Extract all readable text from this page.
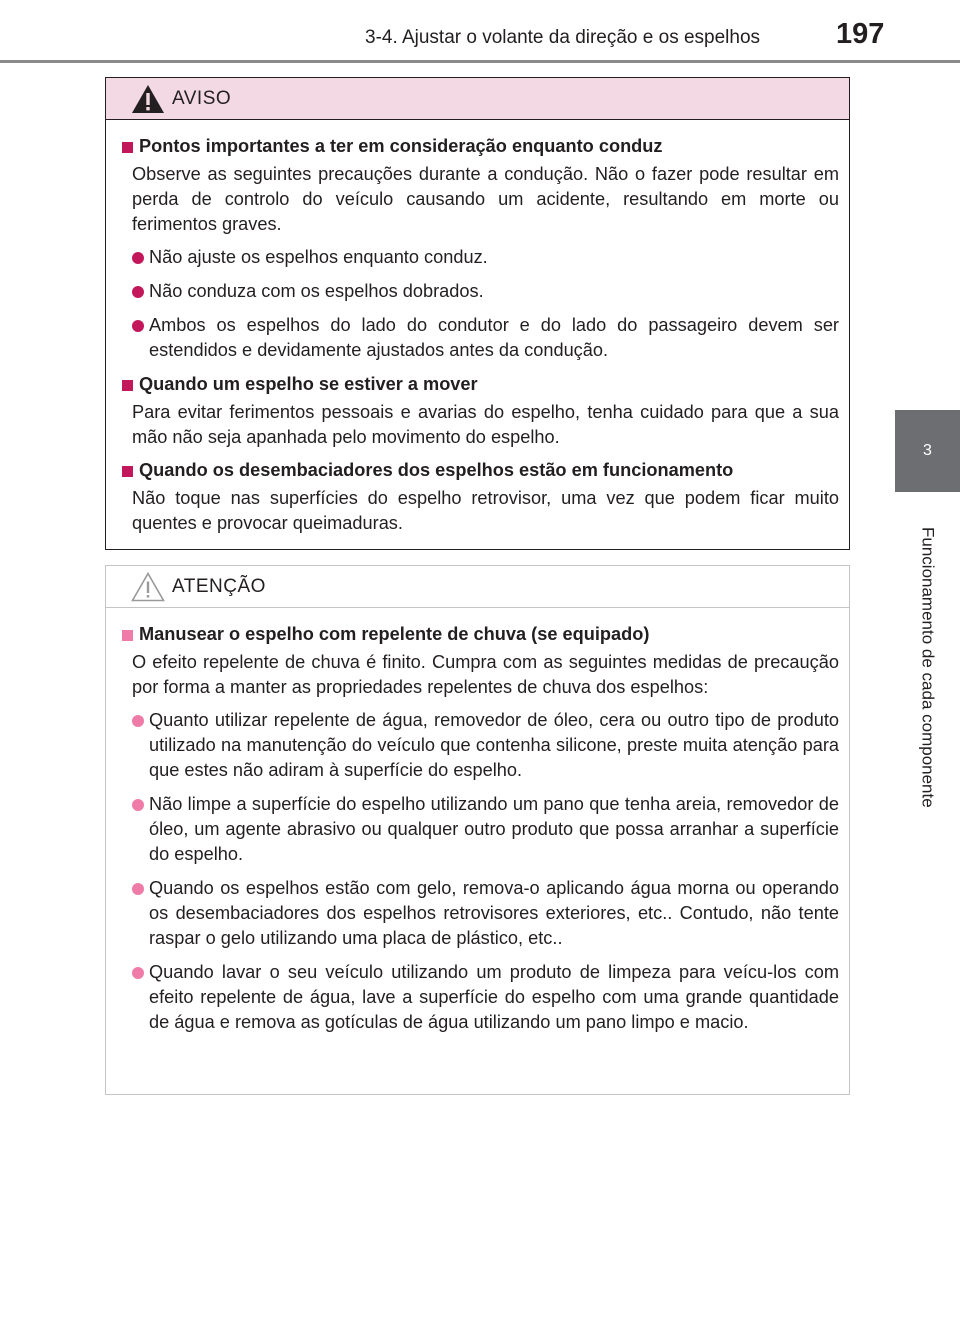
3-4. Ajustar o volante da direção e os espelhos	197
3
Funcionamento de cada componente
AVISO
Pontos importantes a ter em consideração enquanto conduz
Observe as seguintes precauções durante a condução. Não o fazer pode resultar em perda de controlo do veículo causando um acidente, resultando em morte ou ferimentos graves.
Não ajuste os espelhos enquanto conduz.
Não conduza com os espelhos dobrados.
Ambos os espelhos do lado do condutor e do lado do passageiro devem ser estendidos e devidamente ajustados antes da condução.
Quando um espelho se estiver a mover
Para evitar ferimentos pessoais e avarias do espelho, tenha cuidado para que a sua mão não seja apanhada pelo movimento do espelho.
Quando os desembaciadores dos espelhos estão em funcionamento
Não toque nas superfícies do espelho retrovisor, uma vez que podem ficar muito quentes e provocar queimaduras.
ATENÇÃO
Manusear o espelho com repelente de chuva (se equipado)
O efeito repelente de chuva é finito. Cumpra com as seguintes medidas de precaução por forma a manter as propriedades repelentes de chuva dos espelhos:
Quanto utilizar repelente de água, removedor de óleo, cera ou outro tipo de produto utilizado na manutenção do veículo que contenha silicone, preste muita atenção para que estes não adiram à superfície do espelho.
Não limpe a superfície do espelho utilizando um pano que tenha areia, removedor de óleo, um agente abrasivo ou qualquer outro produto que possa arranhar a superfície do espelho.
Quando os espelhos estão com gelo, remova-o aplicando água morna ou operando os desembaciadores dos espelhos retrovisores exteriores, etc.. Contudo, não tente raspar o gelo utilizando uma placa de plástico, etc..
Quando lavar o seu veículo utilizando um produto de limpeza para veícu-los com efeito repelente de água, lave a superfície do espelho com uma grande quantidade de água e remova as gotículas de água utilizando um pano limpo e macio.
